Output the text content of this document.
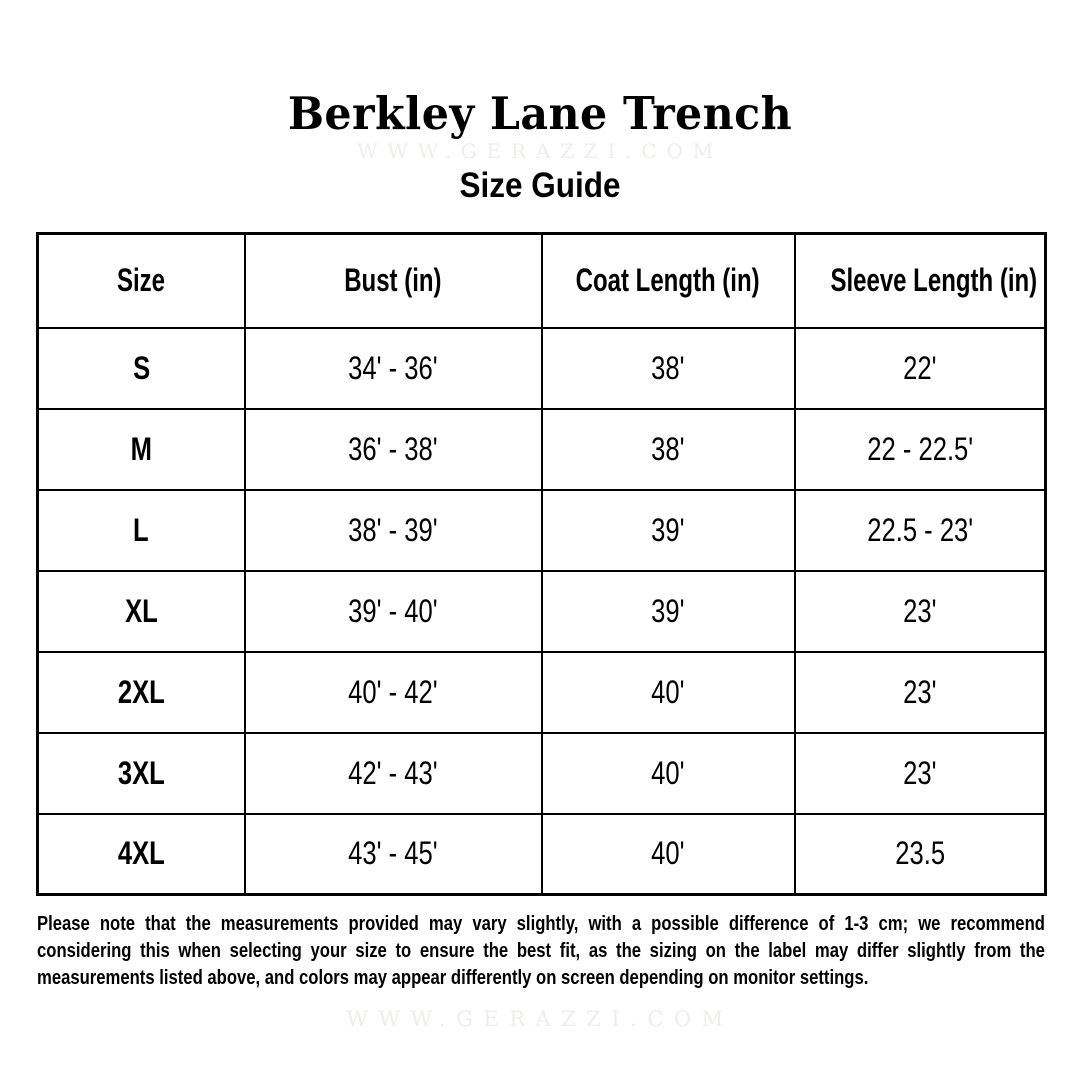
Berkley Lane Trench
WWW.GERAZZI.COM
Size Guide
Size	Bust (in)	Coat Length (in)	Sleeve Length (in)
S	34' - 36'	38'	22'
M	36' - 38'	38'	22 - 22.5'
L	38' - 39'	39'	22.5 - 23'
XL	39' - 40'	39'	23'
2XL	40' - 42'	40'	23'
3XL	42' - 43'	40'	23'
4XL	43' - 45'	40'	23.5

Please note that the measurements provided may vary slightly, with a possible difference of 1-3 cm; we recommend considering this when selecting your size to ensure the best fit, as the sizing on the label may differ slightly from the measurements listed above, and colors may appear differently on screen depending on monitor settings.

WWW.GERAZZI.COM
